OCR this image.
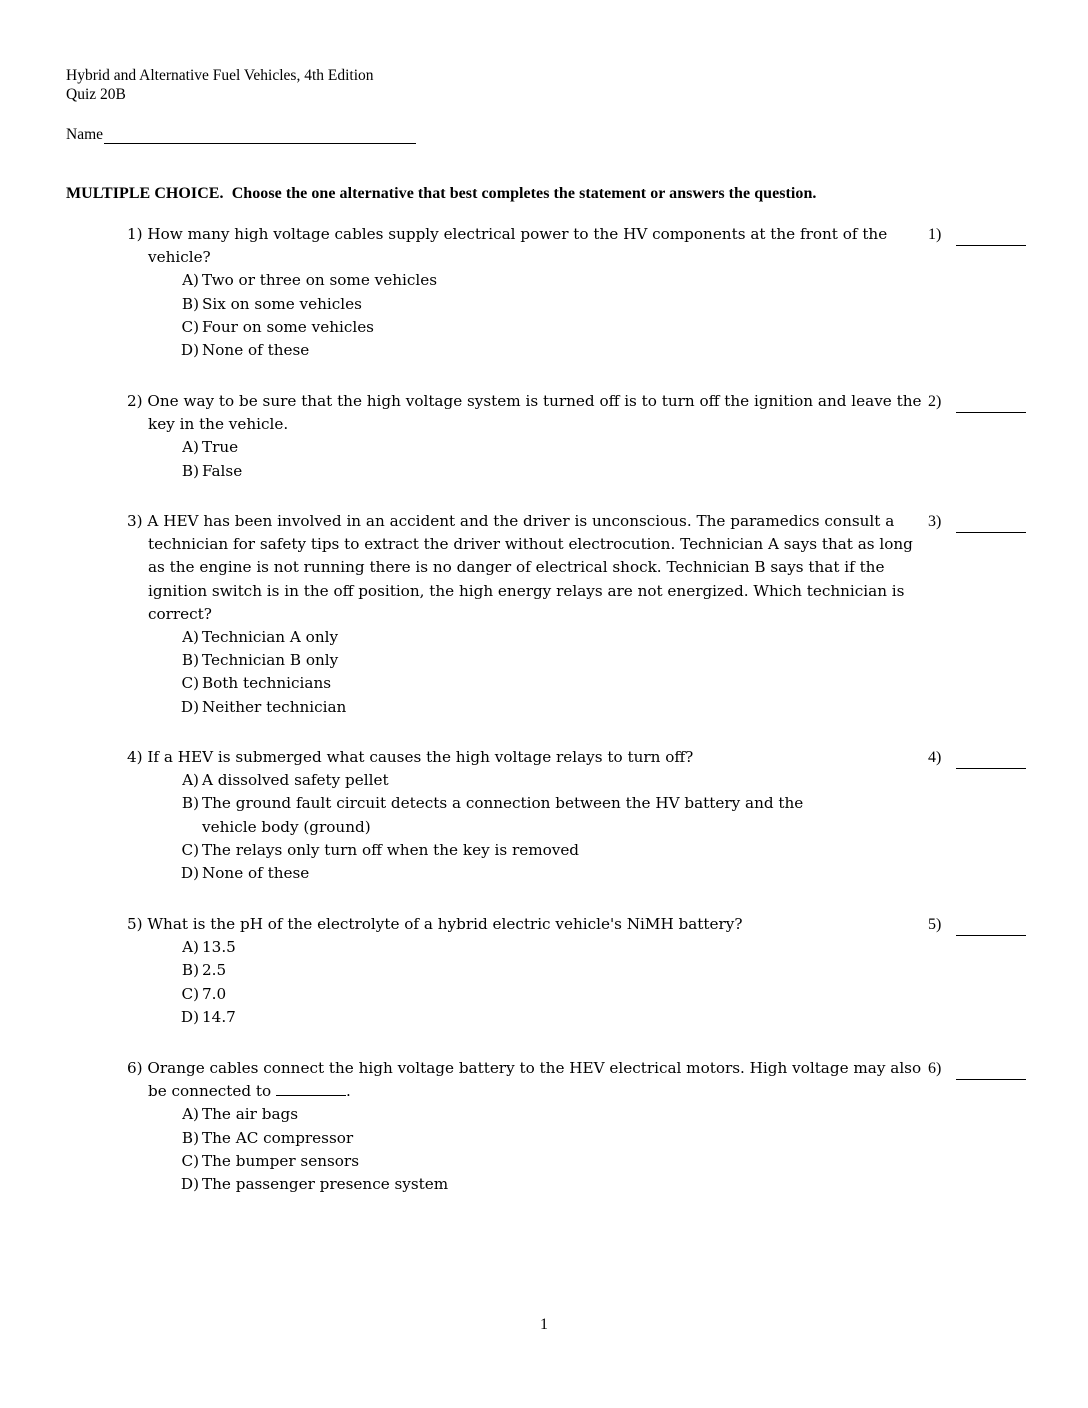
Hybrid and Alternative Fuel Vehicles, 4th Edition
Quiz 20B
Name
MULTIPLE CHOICE. Choose the one alternative that best completes the statement or answers the question.
1) How many high voltage cables supply electrical power to the HV components at the front of the vehicle?
A) Two or three on some vehicles
B) Six on some vehicles
C) Four on some vehicles
D) None of these
1)
2) One way to be sure that the high voltage system is turned off is to turn off the ignition and leave the key in the vehicle.
A) True
B) False
2)
3) A HEV has been involved in an accident and the driver is unconscious. The paramedics consult a technician for safety tips to extract the driver without electrocution. Technician A says that as long as the engine is not running there is no danger of electrical shock. Technician B says that if the ignition switch is in the off position, the high energy relays are not energized. Which technician is correct?
A) Technician A only
B) Technician B only
C) Both technicians
D) Neither technician
3)
4) If a HEV is submerged what causes the high voltage relays to turn off?
A) A dissolved safety pellet
B) The ground fault circuit detects a connection between the HV battery and the vehicle body (ground)
C) The relays only turn off when the key is removed
D) None of these
4)
5) What is the pH of the electrolyte of a hybrid electric vehicle's NiMH battery?
A) 13.5
B) 2.5
C) 7.0
D) 14.7
5)
6) Orange cables connect the high voltage battery to the HEV electrical motors. High voltage may also be connected to	.
A) The air bags
B) The AC compressor
C) The bumper sensors
D) The passenger presence system
6)
1
